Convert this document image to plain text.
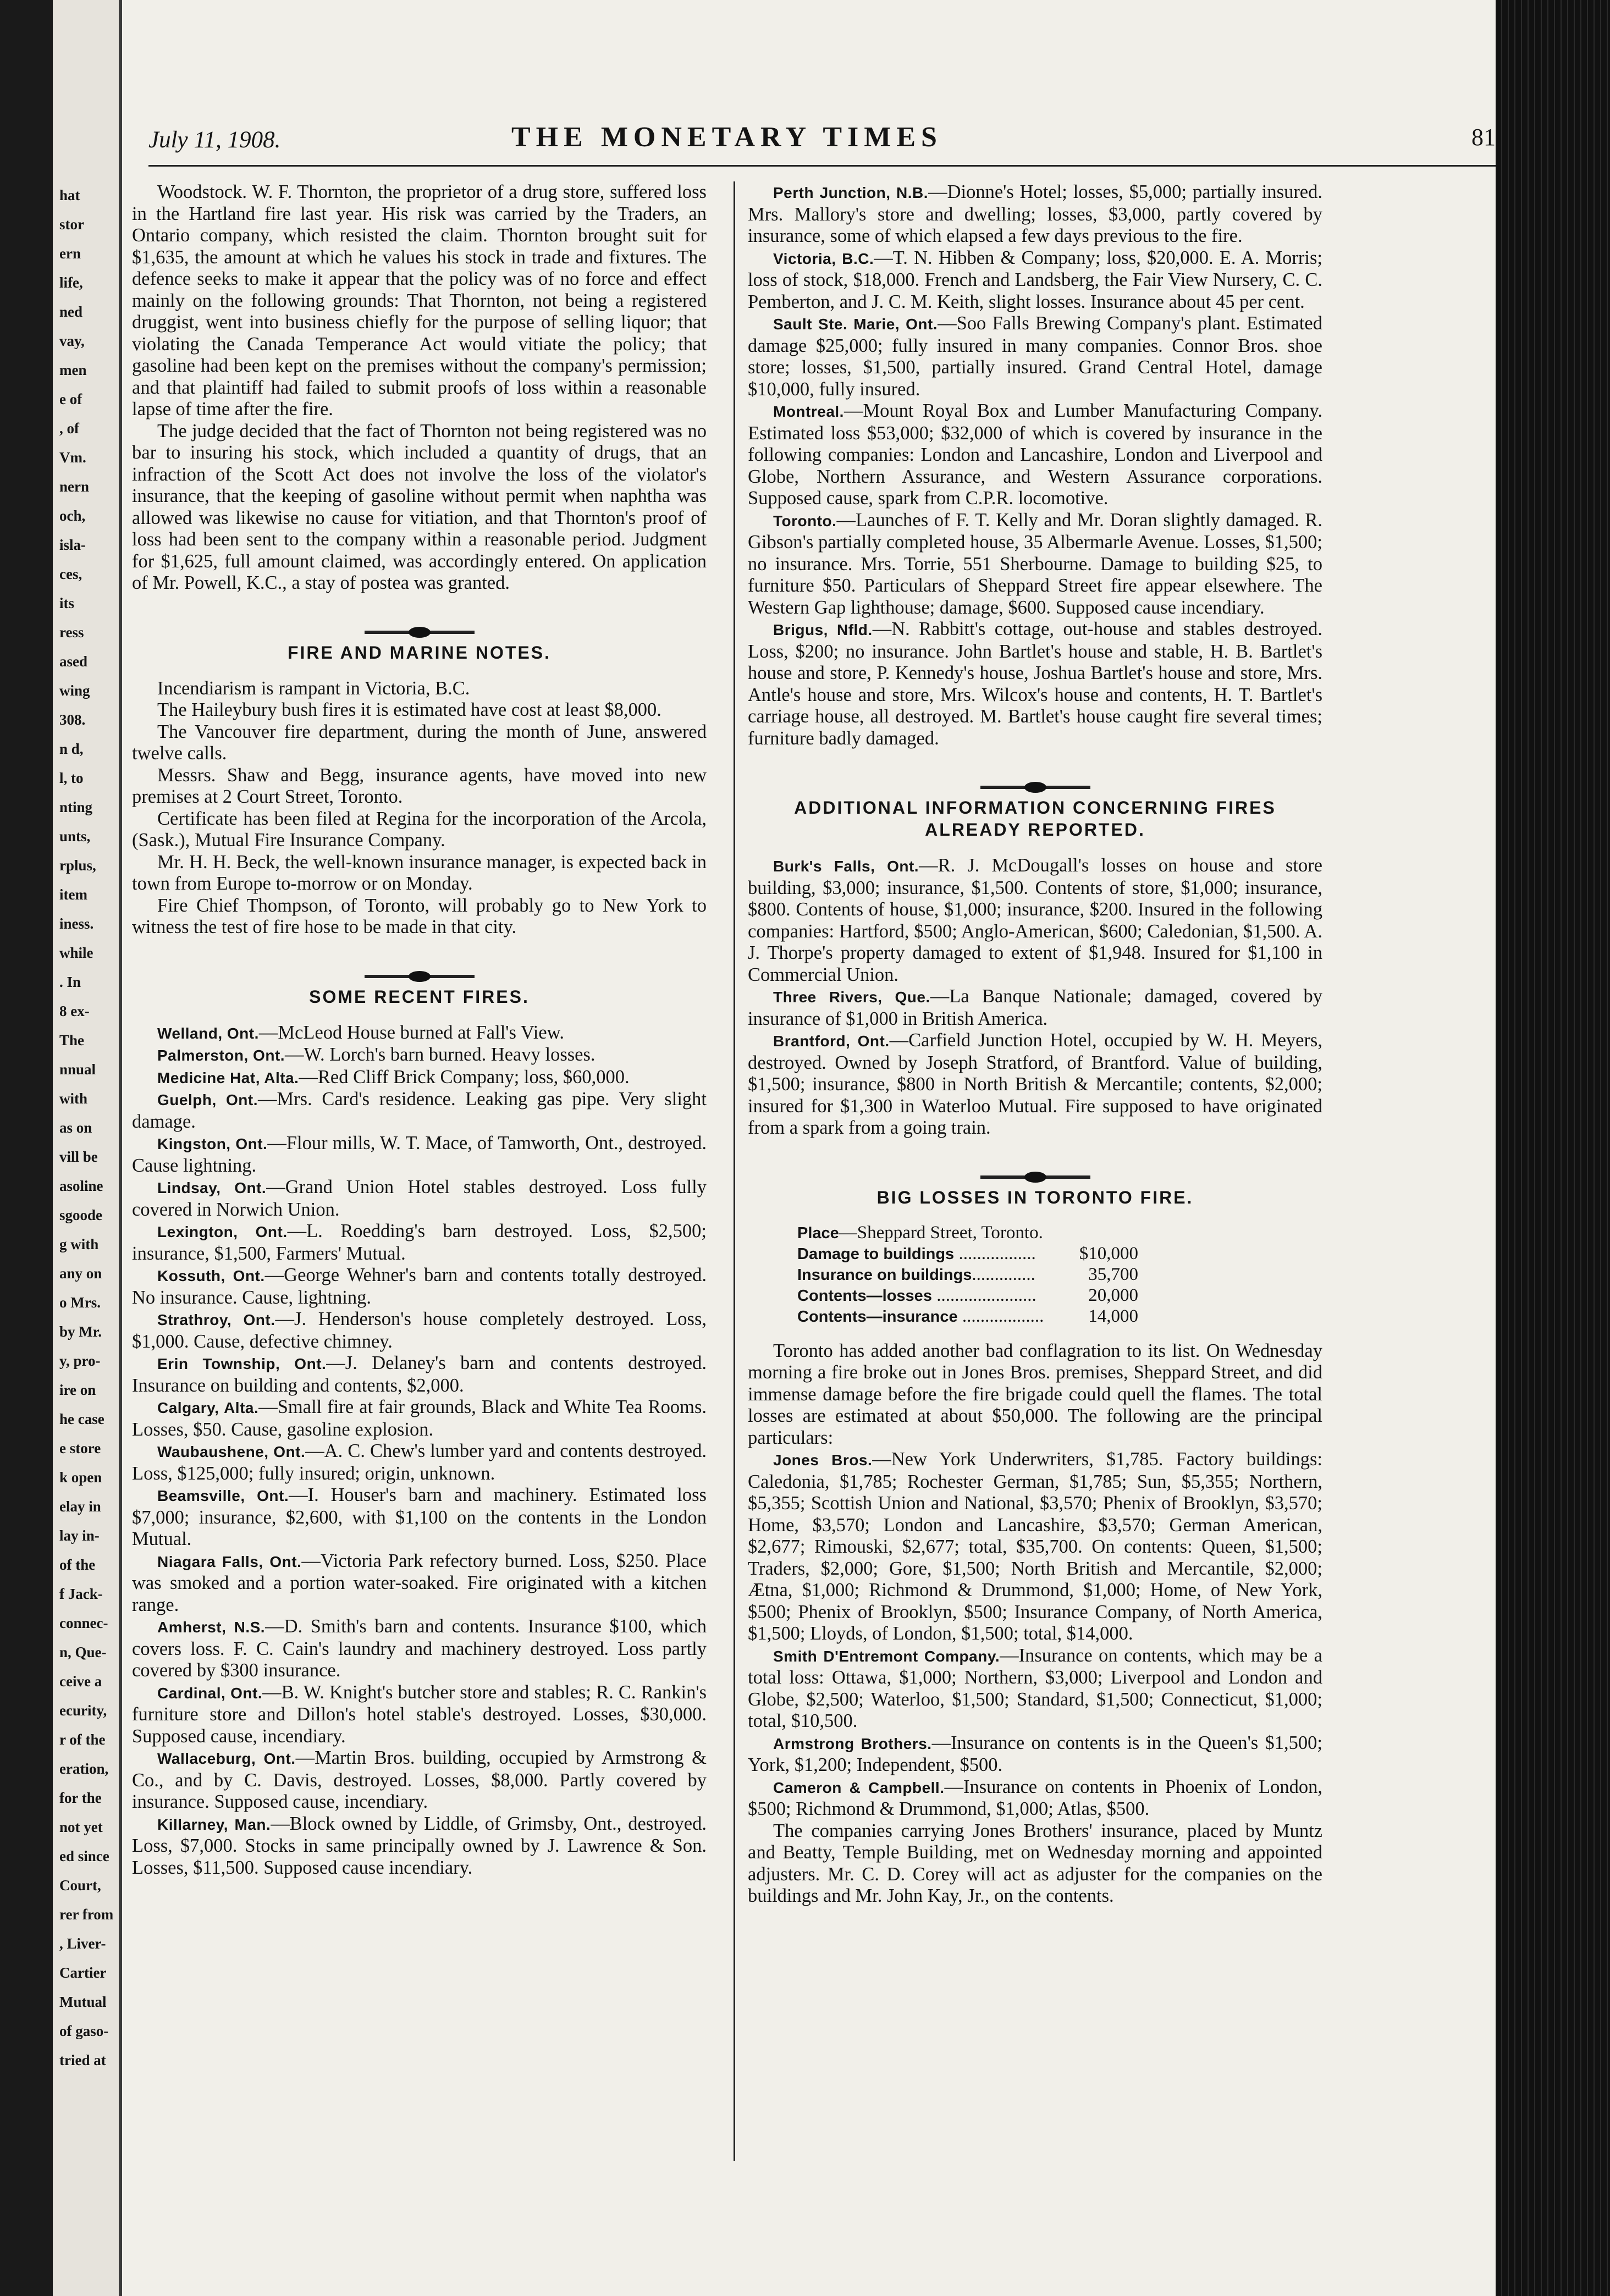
hat
stor
ern
life,
ned
vay,
men
e of
, of
Vm.
nern
och,
isla-
ces,
its
ress
ased
wing
308.
n d,
l, to
nting
unts,
rplus,
item
iness.
while
. In
8 ex-
The
nnual
with
as on
vill be
asoline
sgoode
g with
any on
o Mrs.
by Mr.
y, pro-
ire on
he case
e store
k open
elay in
lay in-
of the
f Jack-
connec-
n, Que-
ceive a
ecurity,
r of the
eration,
for the
not yet
ed since
Court,
rer from
, Liver-
Cartier
Mutual
of gaso-
tried at
July 11, 1908.	THE MONETARY TIMES	81

Woodstock. W. F. Thornton, the proprietor of a drug store, suffered loss in the Hartland fire last year. His risk was carried by the Traders, an Ontario company, which resisted the claim. Thornton brought suit for $1,635, the amount at which he values his stock in trade and fixtures. The defence seeks to make it appear that the policy was of no force and effect mainly on the following grounds: That Thornton, not being a registered druggist, went into business chiefly for the purpose of selling liquor; that violating the Canada Temperance Act would vitiate the policy; that gasoline had been kept on the premises without the company's permission; and that plaintiff had failed to submit proofs of loss within a reasonable lapse of time after the fire.

The judge decided that the fact of Thornton not being registered was no bar to insuring his stock, which included a quantity of drugs, that an infraction of the Scott Act does not involve the loss of the violator's insurance, that the keeping of gasoline without permit when naphtha was allowed was likewise no cause for vitiation, and that Thornton's proof of loss had been sent to the company within a reasonable period. Judgment for $1,625, full amount claimed, was accordingly entered. On application of Mr. Powell, K.C., a stay of postea was granted.

FIRE AND MARINE NOTES.

Incendiarism is rampant in Victoria, B.C.

The Haileybury bush fires it is estimated have cost at least $8,000.

The Vancouver fire department, during the month of June, answered twelve calls.

Messrs. Shaw and Begg, insurance agents, have moved into new premises at 2 Court Street, Toronto.

Certificate has been filed at Regina for the incorporation of the Arcola, (Sask.), Mutual Fire Insurance Company.

Mr. H. H. Beck, the well-known insurance manager, is expected back in town from Europe to-morrow or on Monday.

Fire Chief Thompson, of Toronto, will probably go to New York to witness the test of fire hose to be made in that city.

SOME RECENT FIRES.

Welland, Ont.—McLeod House burned at Fall's View.

Palmerston, Ont.—W. Lorch's barn burned. Heavy losses.

Medicine Hat, Alta.—Red Cliff Brick Company; loss, $60,000.

Guelph, Ont.—Mrs. Card's residence. Leaking gas pipe. Very slight damage.

Kingston, Ont.—Flour mills, W. T. Mace, of Tamworth, Ont., destroyed. Cause lightning.

Lindsay, Ont.—Grand Union Hotel stables destroyed. Loss fully covered in Norwich Union.

Lexington, Ont.—L. Roedding's barn destroyed. Loss, $2,500; insurance, $1,500, Farmers' Mutual.

Kossuth, Ont.—George Wehner's barn and contents totally destroyed. No insurance. Cause, lightning.

Strathroy, Ont.—J. Henderson's house completely destroyed. Loss, $1,000. Cause, defective chimney.

Erin Township, Ont.—J. Delaney's barn and contents destroyed. Insurance on building and contents, $2,000.

Calgary, Alta.—Small fire at fair grounds, Black and White Tea Rooms. Losses, $50. Cause, gasoline explosion.

Waubaushene, Ont.—A. C. Chew's lumber yard and contents destroyed. Loss, $125,000; fully insured; origin, unknown.

Beamsville, Ont.—I. Houser's barn and machinery. Estimated loss $7,000; insurance, $2,600, with $1,100 on the contents in the London Mutual.

Niagara Falls, Ont.—Victoria Park refectory burned. Loss, $250. Place was smoked and a portion water-soaked. Fire originated with a kitchen range.

Amherst, N.S.—D. Smith's barn and contents. Insurance $100, which covers loss. F. C. Cain's laundry and machinery destroyed. Loss partly covered by $300 insurance.

Cardinal, Ont.—B. W. Knight's butcher store and stables; R. C. Rankin's furniture store and Dillon's hotel stable's destroyed. Losses, $30,000. Supposed cause, incendiary.

Wallaceburg, Ont.—Martin Bros. building, occupied by Armstrong & Co., and by C. Davis, destroyed. Losses, $8,000. Partly covered by insurance. Supposed cause, incendiary.

Killarney, Man.—Block owned by Liddle, of Grimsby, Ont., destroyed. Loss, $7,000. Stocks in same principally owned by J. Lawrence & Son. Losses, $11,500. Supposed cause incendiary.

Perth Junction, N.B.—Dionne's Hotel; losses, $5,000; partially insured. Mrs. Mallory's store and dwelling; losses, $3,000, partly covered by insurance, some of which elapsed a few days previous to the fire.

Victoria, B.C.—T. N. Hibben & Company; loss, $20,000. E. A. Morris; loss of stock, $18,000. French and Landsberg, the Fair View Nursery, C. C. Pemberton, and J. C. M. Keith, slight losses. Insurance about 45 per cent.

Sault Ste. Marie, Ont.—Soo Falls Brewing Company's plant. Estimated damage $25,000; fully insured in many companies. Connor Bros. shoe store; losses, $1,500, partially insured. Grand Central Hotel, damage $10,000, fully insured.

Montreal.—Mount Royal Box and Lumber Manufacturing Company. Estimated loss $53,000; $32,000 of which is covered by insurance in the following companies: London and Lancashire, London and Liverpool and Globe, Northern Assurance, and Western Assurance corporations. Supposed cause, spark from C.P.R. locomotive.

Toronto.—Launches of F. T. Kelly and Mr. Doran slightly damaged. R. Gibson's partially completed house, 35 Albermarle Avenue. Losses, $1,500; no insurance. Mrs. Torrie, 551 Sherbourne. Damage to building $25, to furniture $50. Particulars of Sheppard Street fire appear elsewhere. The Western Gap lighthouse; damage, $600. Supposed cause incendiary.

Brigus, Nfld.—N. Rabbitt's cottage, out-house and stables destroyed. Loss, $200; no insurance. John Bartlet's house and stable, H. B. Bartlet's house and store, P. Kennedy's house, Joshua Bartlet's house and store, Mrs. Antle's house and store, Mrs. Wilcox's house and contents, H. T. Bartlet's carriage house, all destroyed. M. Bartlet's house caught fire several times; furniture badly damaged.

ADDITIONAL INFORMATION CONCERNING FIRES ALREADY REPORTED.

Burk's Falls, Ont.—R. J. McDougall's losses on house and store building, $3,000; insurance, $1,500. Contents of store, $1,000; insurance, $800. Contents of house, $1,000; insurance, $200. Insured in the following companies: Hartford, $500; Anglo-American, $600; Caledonian, $1,500. A. J. Thorpe's property damaged to extent of $1,948. Insured for $1,100 in Commercial Union.

Three Rivers, Que.—La Banque Nationale; damaged, covered by insurance of $1,000 in British America.

Brantford, Ont.—Carfield Junction Hotel, occupied by W. H. Meyers, destroyed. Owned by Joseph Stratford, of Brantford. Value of building, $1,500; insurance, $800 in North British & Mercantile; contents, $2,000; insured for $1,300 in Waterloo Mutual. Fire supposed to have originated from a spark from a going train.

BIG LOSSES IN TORONTO FIRE.
Place—Sheppard Street, Toronto.	
Damage to buildings .................	$10,000
Insurance on buildings..............	35,700
Contents—losses ......................	20,000
Contents—insurance ..................	14,000

Toronto has added another bad conflagration to its list. On Wednesday morning a fire broke out in Jones Bros. premises, Sheppard Street, and did immense damage before the fire brigade could quell the flames. The total losses are estimated at about $50,000. The following are the principal particulars:

Jones Bros.—New York Underwriters, $1,785. Factory buildings: Caledonia, $1,785; Rochester German, $1,785; Sun, $5,355; Northern, $5,355; Scottish Union and National, $3,570; Phenix of Brooklyn, $3,570; Home, $3,570; London and Lancashire, $3,570; German American, $2,677; Rimouski, $2,677; total, $35,700. On contents: Queen, $1,500; Traders, $2,000; Gore, $1,500; North British and Mercantile, $2,000; Ætna, $1,000; Richmond & Drummond, $1,000; Home, of New York, $500; Phenix of Brooklyn, $500; Insurance Company, of North America, $1,500; Lloyds, of London, $1,500; total, $14,000.

Smith D'Entremont Company.—Insurance on contents, which may be a total loss: Ottawa, $1,000; Northern, $3,000; Liverpool and London and Globe, $2,500; Waterloo, $1,500; Standard, $1,500; Connecticut, $1,000; total, $10,500.

Armstrong Brothers.—Insurance on contents is in the Queen's $1,500; York, $1,200; Independent, $500.

Cameron & Campbell.—Insurance on contents in Phoenix of London, $500; Richmond & Drummond, $1,000; Atlas, $500.

The companies carrying Jones Brothers' insurance, placed by Muntz and Beatty, Temple Building, met on Wednesday morning and appointed adjusters. Mr. C. D. Corey will act as adjuster for the companies on the buildings and Mr. John Kay, Jr., on the contents.
